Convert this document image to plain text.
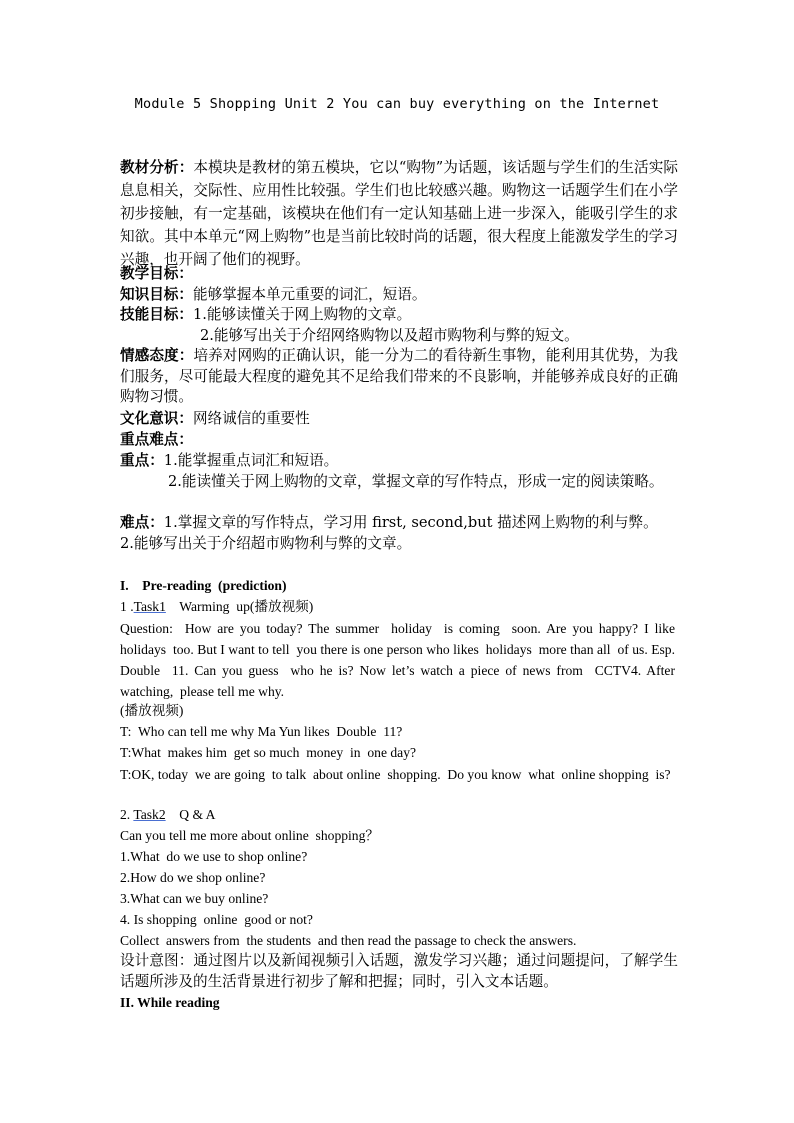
Module 5 Shopping Unit 2 You can buy everything on the Internet
教材分析：本模块是教材的第五模块，它以“购物”为话题，该话题与学生们的生活实际息息相关，交际性、应用性比较强。学生们也比较感兴趣。购物这一话题学生们在小学初步接触，有一定基础，该模块在他们有一定认知基础上进一步深入，能吸引学生的求知欲。其中本单元“网上购物”也是当前比较时尚的话题，很大程度上能激发学生的学习兴趣，也开阔了他们的视野。
教学目标：
知识目标：能够掌握本单元重要的词汇，短语。
技能目标：1.能够读懂关于网上购物的文章。
2.能够写出关于介绍网络购物以及超市购物利与弊的短文。
情感态度：培养对网购的正确认识，能一分为二的看待新生事物，能利用其优势，为我们服务，尽可能最大程度的避免其不足给我们带来的不良影响，并能够养成良好的正确购物习惯。
文化意识：网络诚信的重要性
重点难点：
重点：1.能掌握重点词汇和短语。
2.能读懂关于网上购物的文章，掌握文章的写作特点，形成一定的阅读策略。
难点：1.掌握文章的写作特点，学习用 first, second,but 描述网上购物的利与弊。
2.能够写出关于介绍超市购物利与弊的文章。
I.    Pre-reading  (prediction)
1 .Task1    Warming  up(播放视频)
Question:  How are you today? The summer  holiday  is coming  soon. Are you happy? I like holidays  too. But I want to tell  you there is one person who likes  holidays  more than all  of us. Esp. Double  11. Can you guess  who he is? Now let’s watch a piece of news from  CCTV4. After watching,  please tell me why.
(播放视频)
T:  Who can tell me why Ma Yun likes  Double  11?
T:What  makes him  get so much  money  in  one day?
T:OK, today  we are going  to talk  about online  shopping.  Do you know  what  online shopping  is?
2. Task2    Q & A
Can you tell me more about online  shopping？
1.What  do we use to shop online?
2.How do we shop online?
3.What can we buy online?
4. Is shopping  online  good or not?
Collect  answers from  the students  and then read the passage to check the answers.
设计意图：通过图片以及新闻视频引入话题，激发学习兴趣；通过问题提问，了解学生话题所涉及的生活背景进行初步了解和把握；同时，引入文本话题。
II. While reading
